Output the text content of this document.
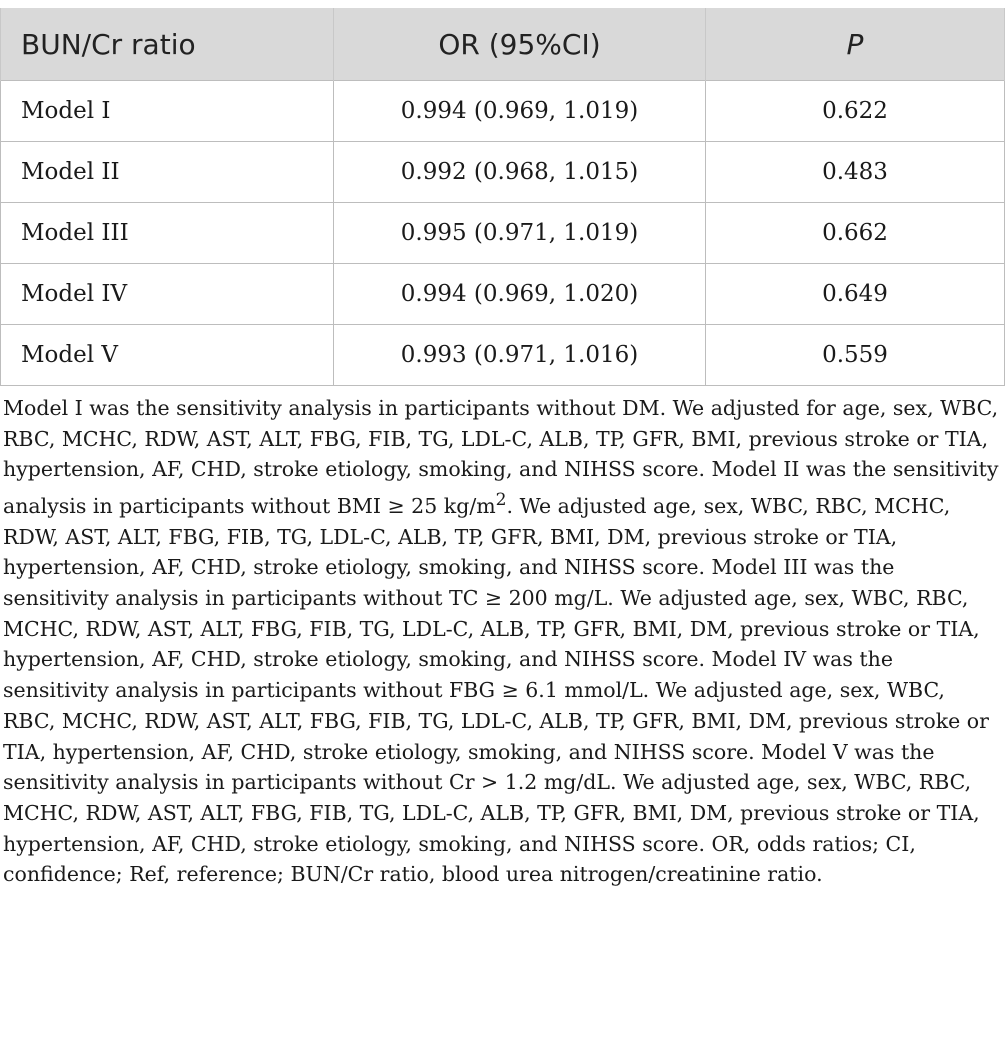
BUN/Cr ratio	OR (95%CI)	P
Model I	0.994 (0.969, 1.019)	0.622
Model II	0.992 (0.968, 1.015)	0.483
Model III	0.995 (0.971, 1.019)	0.662
Model IV	0.994 (0.969, 1.020)	0.649
Model V	0.993 (0.971, 1.016)	0.559

Model I was the sensitivity analysis in participants without DM. We adjusted for age, sex, WBC, RBC, MCHC, RDW, AST, ALT, FBG, FIB, TG, LDL-C, ALB, TP, GFR, BMI, previous stroke or TIA, hypertension, AF, CHD, stroke etiology, smoking, and NIHSS score. Model II was the sensitivity analysis in participants without BMI ≥ 25 $kg/m^2$. We adjusted age, sex, WBC, RBC, MCHC, RDW, AST, ALT, FBG, FIB, TG, LDL-C, ALB, TP, GFR, BMI, DM, previous stroke or TIA, hypertension, AF, CHD, stroke etiology, smoking, and NIHSS score. Model III was the sensitivity analysis in participants without TC ≥ 200 mg/L. We adjusted age, sex, WBC, RBC, MCHC, RDW, AST, ALT, FBG, FIB, TG, LDL-C, ALB, TP, GFR, BMI, DM, previous stroke or TIA, hypertension, AF, CHD, stroke etiology, smoking, and NIHSS score. Model IV was the sensitivity analysis in participants without FBG ≥ 6.1 mmol/L. We adjusted age, sex, WBC, RBC, MCHC, RDW, AST, ALT, FBG, FIB, TG, LDL-C, ALB, TP, GFR, BMI, DM, previous stroke or TIA, hypertension, AF, CHD, stroke etiology, smoking, and NIHSS score. Model V was the sensitivity analysis in participants without Cr > 1.2 mg/dL. We adjusted age, sex, WBC, RBC, MCHC, RDW, AST, ALT, FBG, FIB, TG, LDL-C, ALB, TP, GFR, BMI, DM, previous stroke or TIA, hypertension, AF, CHD, stroke etiology, smoking, and NIHSS score. OR, odds ratios; CI, confidence; Ref, reference; BUN/Cr ratio, blood urea nitrogen/creatinine ratio.
